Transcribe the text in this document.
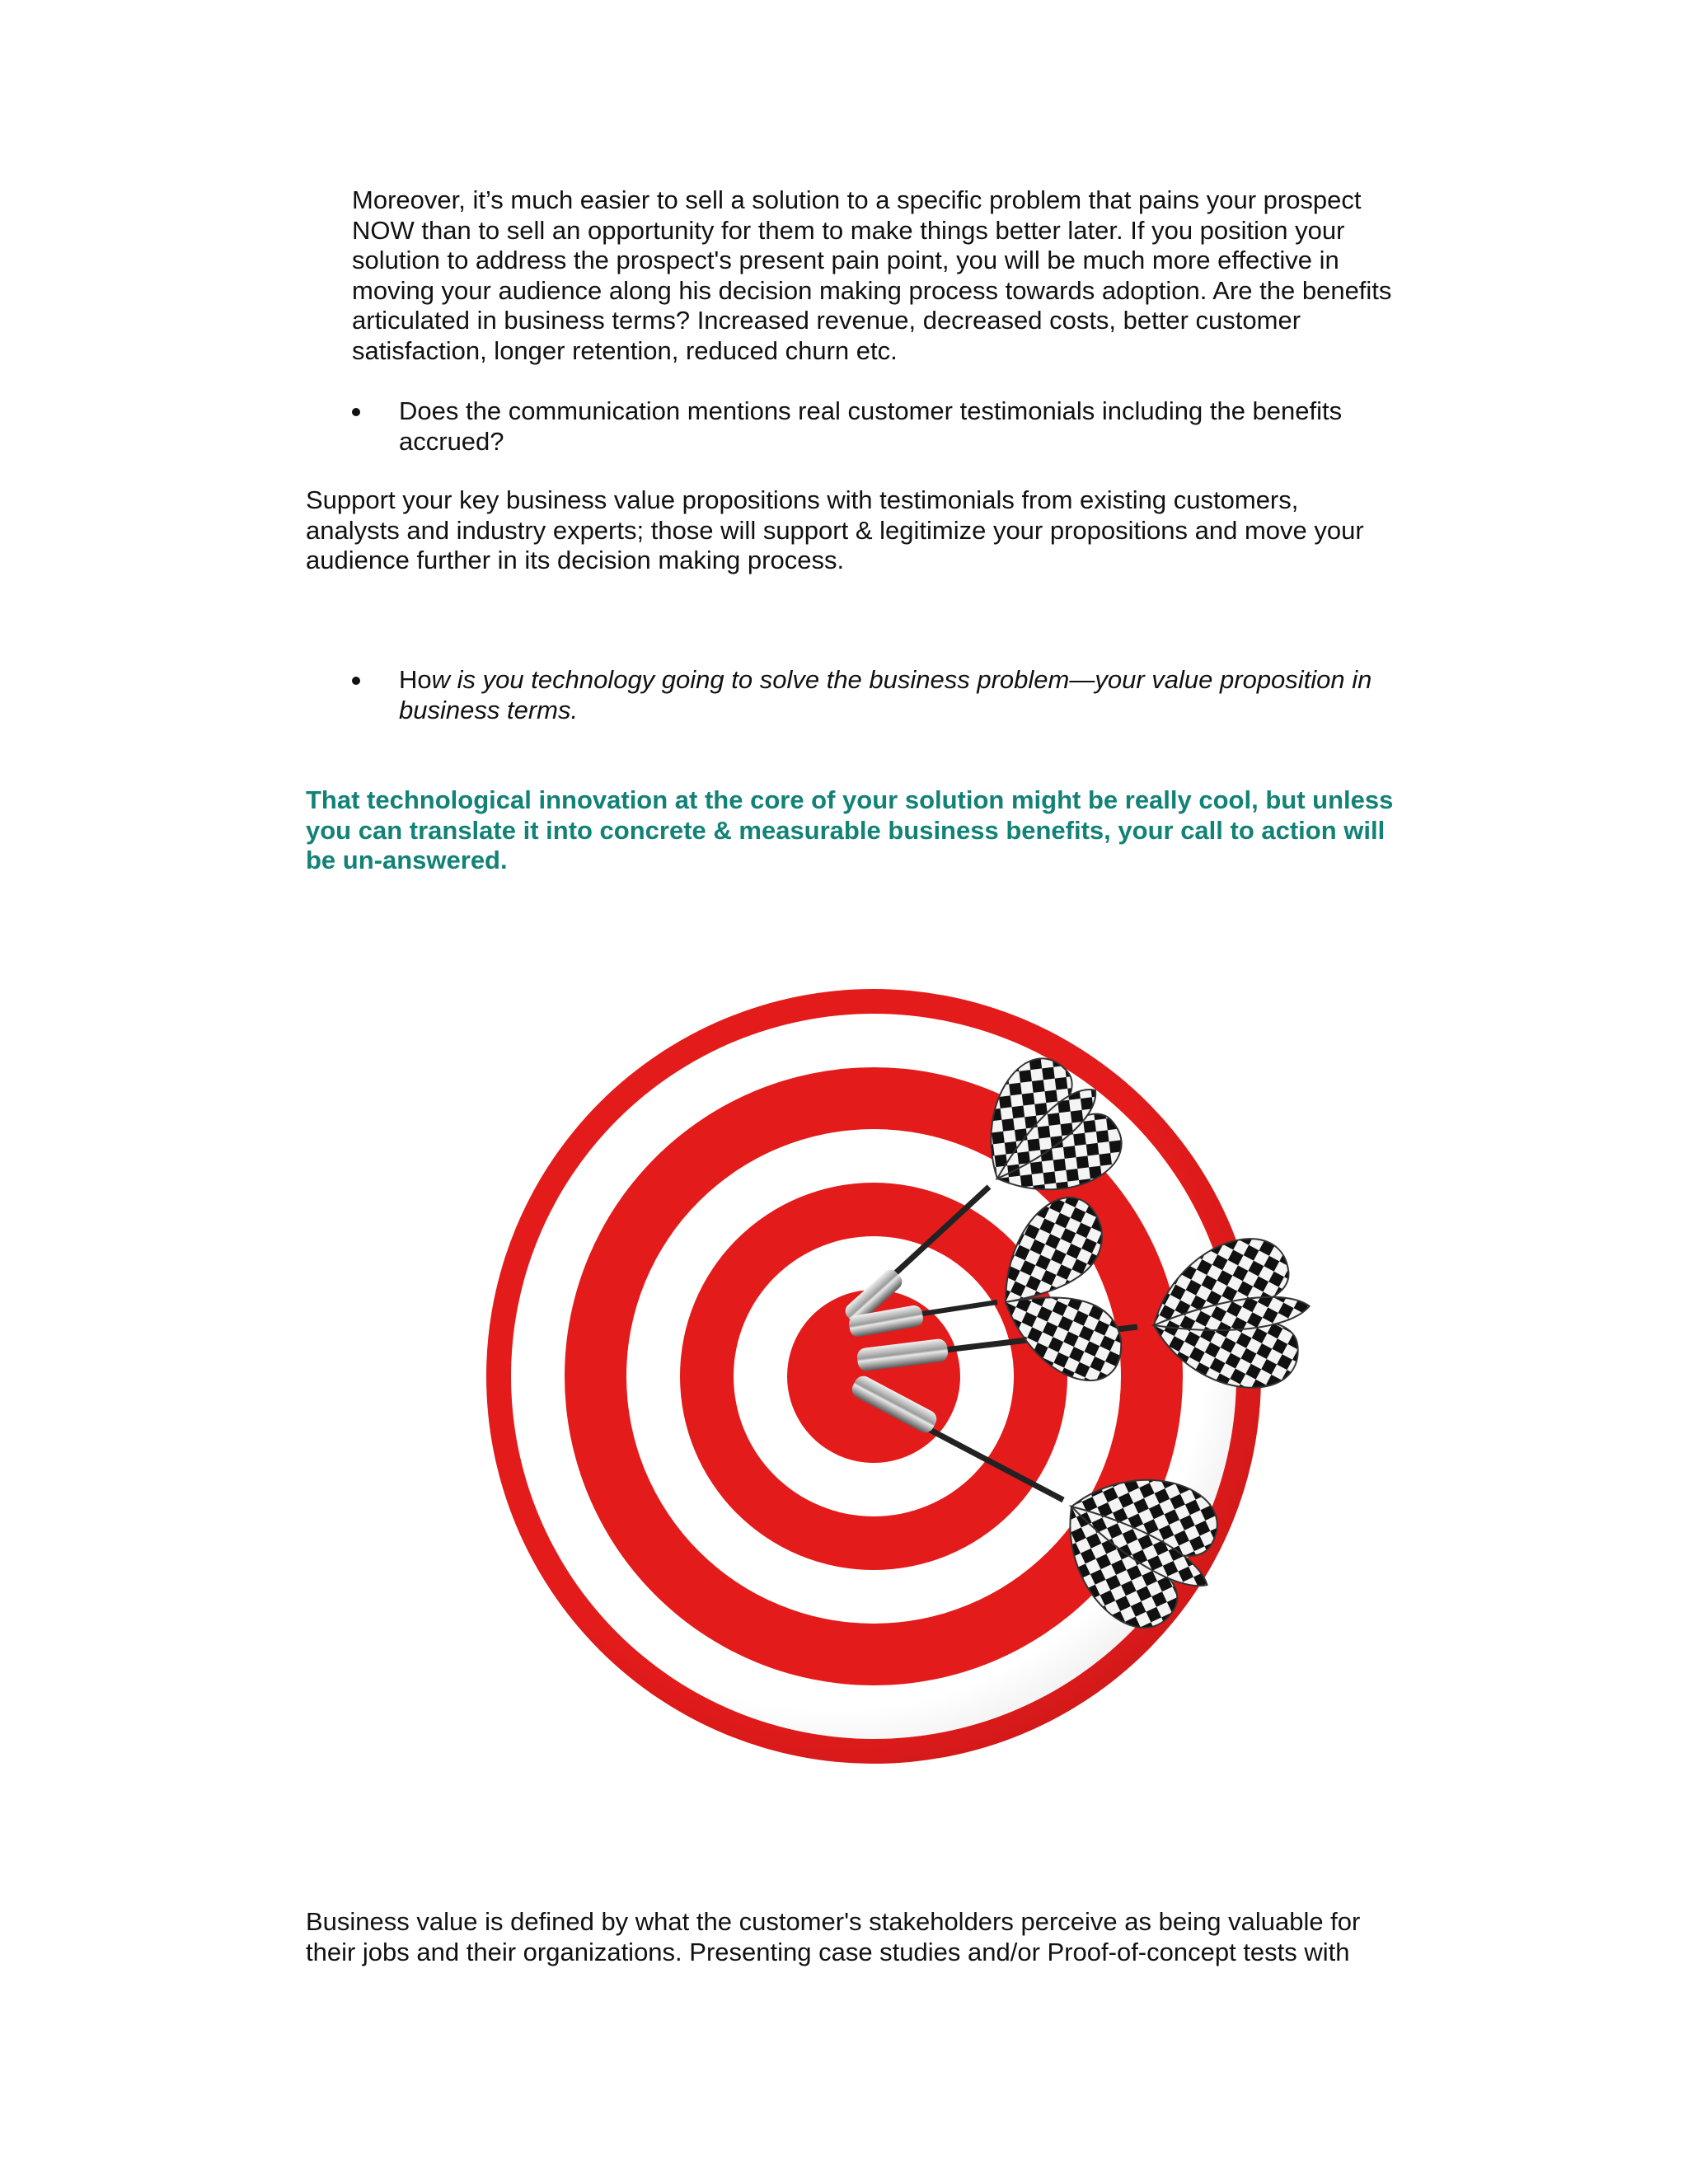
Moreover, it’s much easier to sell a solution to a specific problem that pains your prospect NOW than to sell an opportunity for them to make things better later. If you position your solution to address the prospect's present pain point, you will be much more effective in moving your audience along his decision making process towards adoption. Are the benefits articulated in business terms? Increased revenue, decreased costs, better customer satisfaction, longer retention, reduced churn etc.

Does the communication mentions real customer testimonials including the benefits accrued?

Support your key business value propositions with testimonials from existing customers, analysts and industry experts; those will support & legitimize your propositions and move your audience further in its decision making process.

How is you technology going to solve the business problem—your value proposition in business terms.

That technological innovation at the core of your solution might be really cool, but unless you can translate it into concrete & measurable business benefits, your call to action will be un-answered.

Business value is defined by what the customer's stakeholders perceive as being valuable for their jobs and their organizations. Presenting case studies and/or Proof-of-concept tests with
